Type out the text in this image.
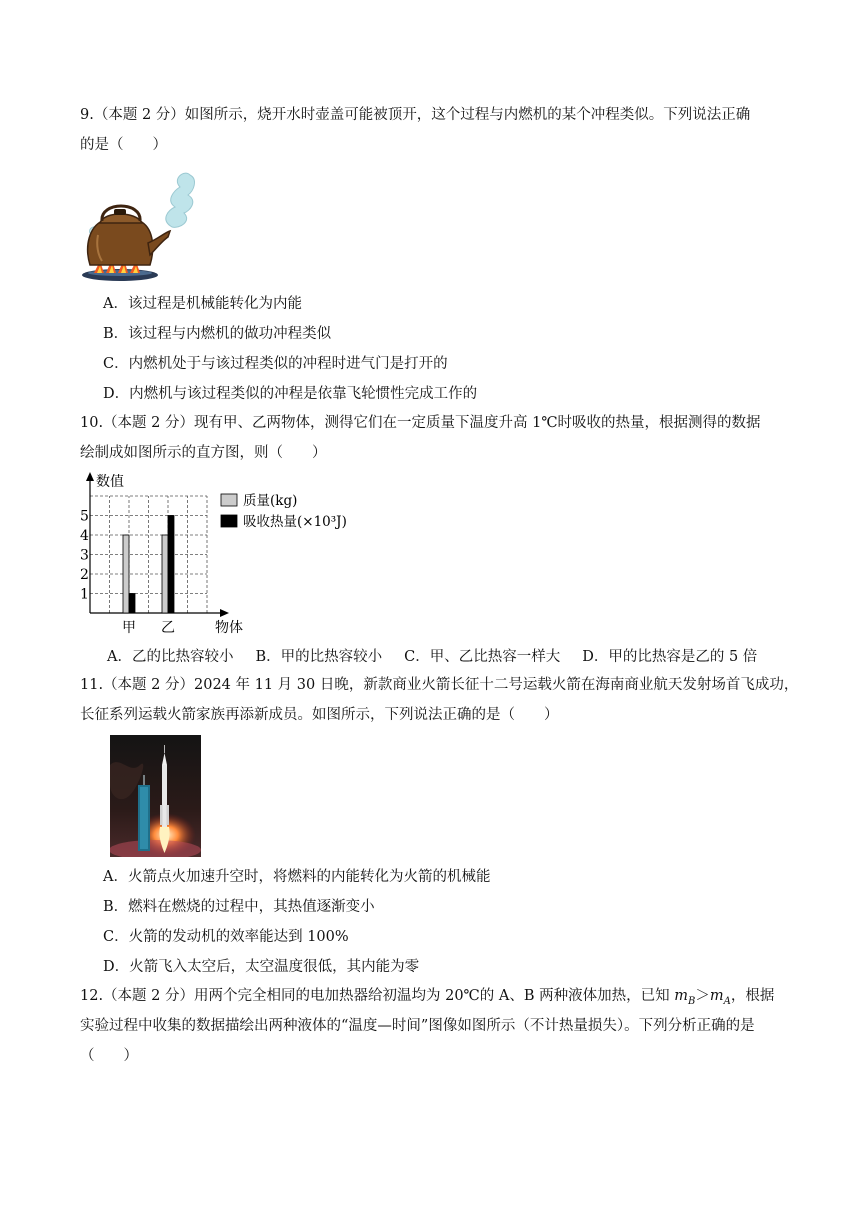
9.（本题 2 分）如图所示，烧开水时壶盖可能被顶开，这个过程与内燃机的某个冲程类似。下列说法正确
的是（　　）
A．该过程是机械能转化为内能
B．该过程与内燃机的做功冲程类似
C．内燃机处于与该过程类似的冲程时进气门是打开的
D．内燃机与该过程类似的冲程是依靠飞轮惯性完成工作的
10.（本题 2 分）现有甲、乙两物体，测得它们在一定质量下温度升高 1℃时吸收的热量，根据测得的数据
绘制成如图所示的直方图，则（　　）
数值
物体
1
2
3
4
5
甲 乙
质量(kg)
吸收热量(×10³J)
A．乙的比热容较小 B．甲的比热容较小 C．甲、乙比热容一样大 D．甲的比热容是乙的 5 倍
11.（本题 2 分）2024 年 11 月 30 日晚，新款商业火箭长征十二号运载火箭在海南商业航天发射场首飞成功，
长征系列运载火箭家族再添新成员。如图所示，下列说法正确的是（　　）
A．火箭点火加速升空时，将燃料的内能转化为火箭的机械能
B．燃料在燃烧的过程中，其热值逐渐变小
C．火箭的发动机的效率能达到 100%
D．火箭飞入太空后，太空温度很低，其内能为零
12.（本题 2 分）用两个完全相同的电加热器给初温均为 20℃的 A、B 两种液体加热，已知 $m_B>m_A$，根据
实验过程中收集的数据描绘出两种液体的“温度—时间”图像如图所示（不计热量损失）。下列分析正确的是
（　　）
